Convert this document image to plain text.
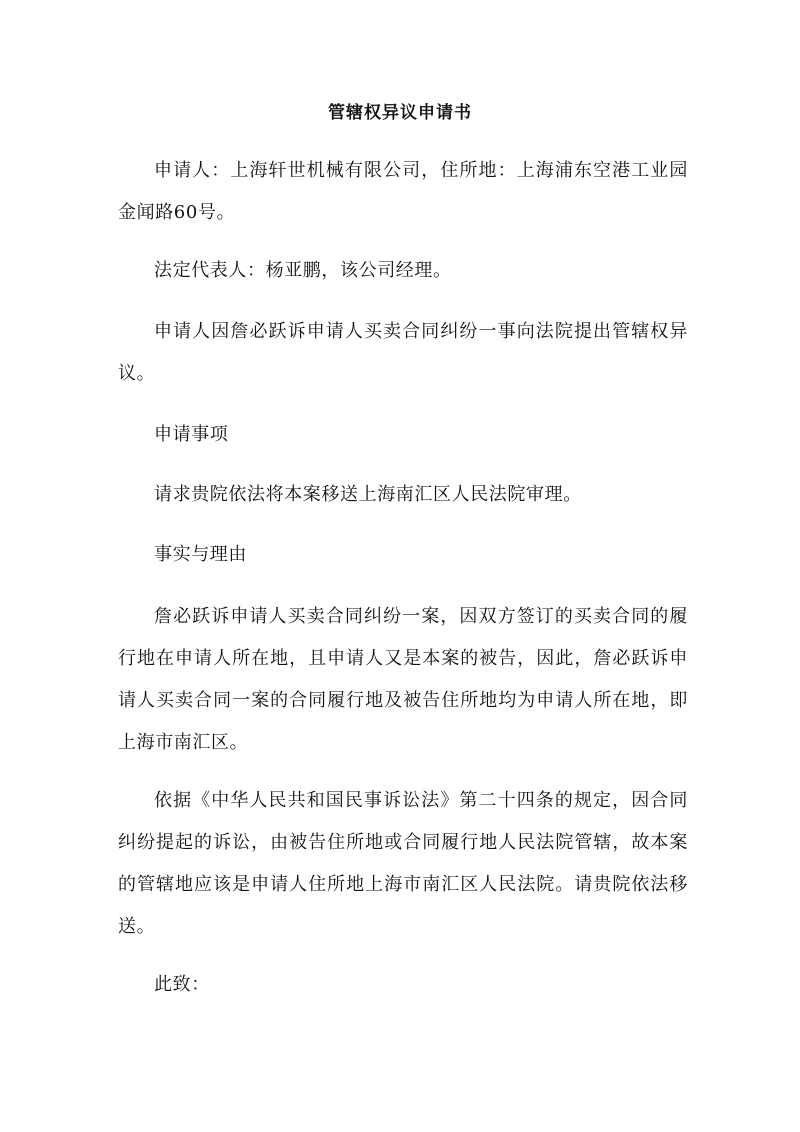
管辖权异议申请书

申请人：上海轩世机械有限公司，住所地：上海浦东空港工业园金闻路60号。

法定代表人：杨亚鹏，该公司经理。

申请人因詹必跃诉申请人买卖合同纠纷一事向法院提出管辖权异议。

申请事项

请求贵院依法将本案移送上海南汇区人民法院审理。

事实与理由

詹必跃诉申请人买卖合同纠纷一案，因双方签订的买卖合同的履行地在申请人所在地，且申请人又是本案的被告，因此，詹必跃诉申请人买卖合同一案的合同履行地及被告住所地均为申请人所在地，即上海市南汇区。

依据《中华人民共和国民事诉讼法》第二十四条的规定，因合同纠纷提起的诉讼，由被告住所地或合同履行地人民法院管辖，故本案的管辖地应该是申请人住所地上海市南汇区人民法院。请贵院依法移送。

此致：
